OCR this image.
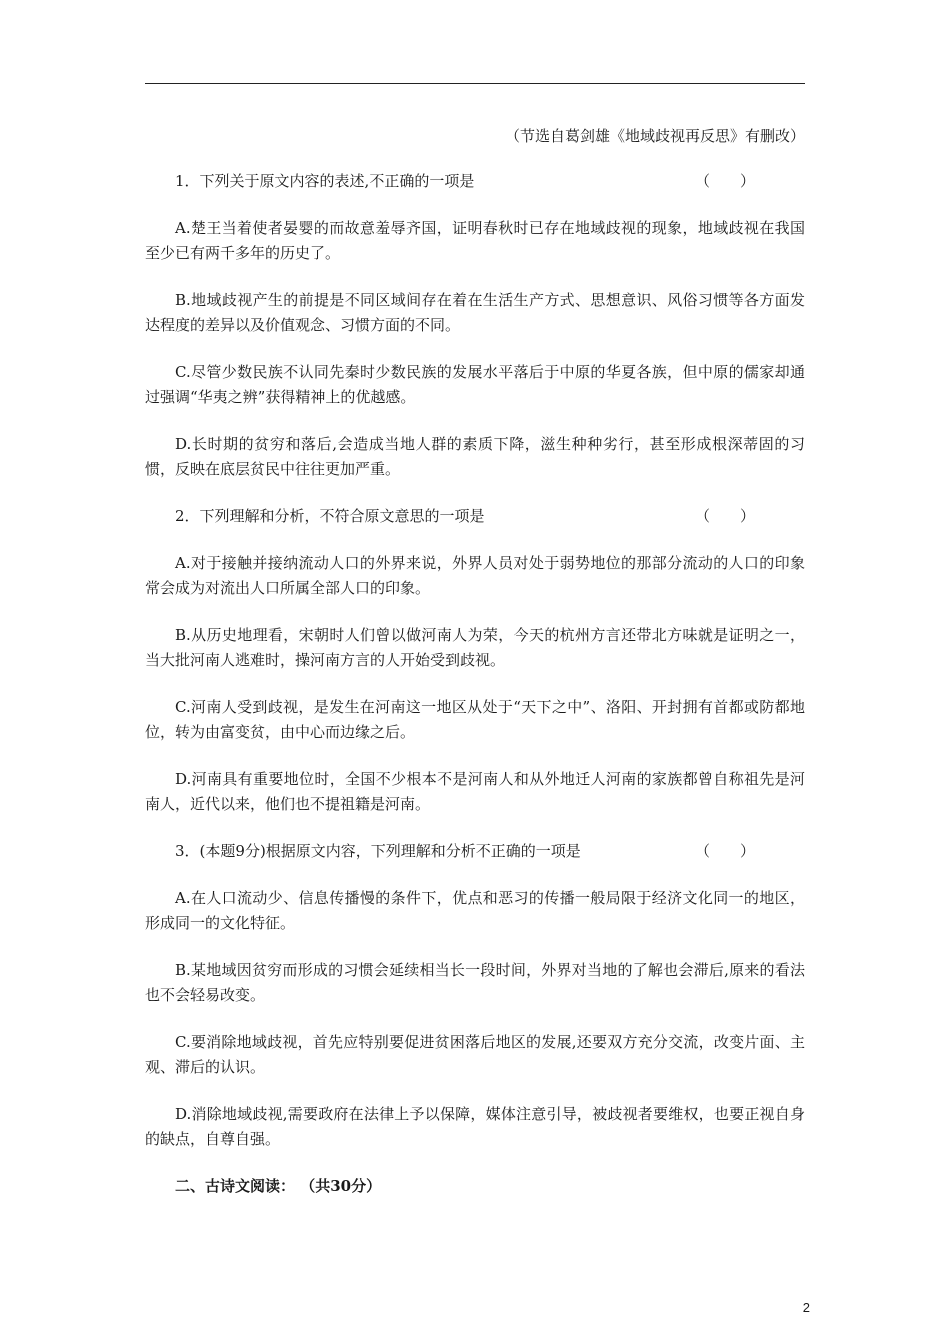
（节选自葛剑雄《地域歧视再反思》有删改）

1．下列关于原文内容的表述,不正确的一项是	（　　）

A.楚王当着使者晏婴的而故意羞辱齐国，证明春秋时已存在地域歧视的现象，地域歧视在我国至少已有两千多年的历史了。

B.地域歧视产生的前提是不同区域间存在着在生活生产方式、思想意识、风俗习惯等各方面发达程度的差异以及价值观念、习惯方面的不同。

C.尽管少数民族不认同先秦时少数民族的发展水平落后于中原的华夏各族，但中原的儒家却通过强调“华夷之辨”获得精神上的优越感。

D.长时期的贫穷和落后,会造成当地人群的素质下降，滋生种种劣行，甚至形成根深蒂固的习惯，反映在底层贫民中往往更加严重。

2．下列理解和分析，不符合原文意思的一项是	（　　）

A.对于接触并接纳流动人口的外界来说，外界人员对处于弱势地位的那部分流动的人口的印象常会成为对流出人口所属全部人口的印象。

B.从历史地理看，宋朝时人们曾以做河南人为荣，今天的杭州方言还带北方味就是证明之一，当大批河南人逃难时，操河南方言的人开始受到歧视。

C.河南人受到歧视，是发生在河南这一地区从处于“天下之中”、洛阳、开封拥有首都或防都地位，转为由富变贫，由中心而边缘之后。

D.河南具有重要地位时，全国不少根本不是河南人和从外地迁人河南的家族都曾自称祖先是河南人，近代以来，他们也不提祖籍是河南。

3．(本题9分)根据原文内容，下列理解和分析不正确的一项是	（　　）

A.在人口流动少、信息传播慢的条件下，优点和恶习的传播一般局限于经济文化同一的地区，形成同一的文化特征。

B.某地域因贫穷而形成的习惯会延续相当长一段时间，外界对当地的了解也会滞后,原来的看法也不会轻易改变。

C.要消除地域歧视，首先应特别要促进贫困落后地区的发展,还要双方充分交流，改变片面、主观、滞后的认识。

D.消除地域歧视,需要政府在法律上予以保障，媒体注意引导，被歧视者要维权，也要正视自身的缺点，自尊自强。

二、古诗文阅读： （共30分）

2
